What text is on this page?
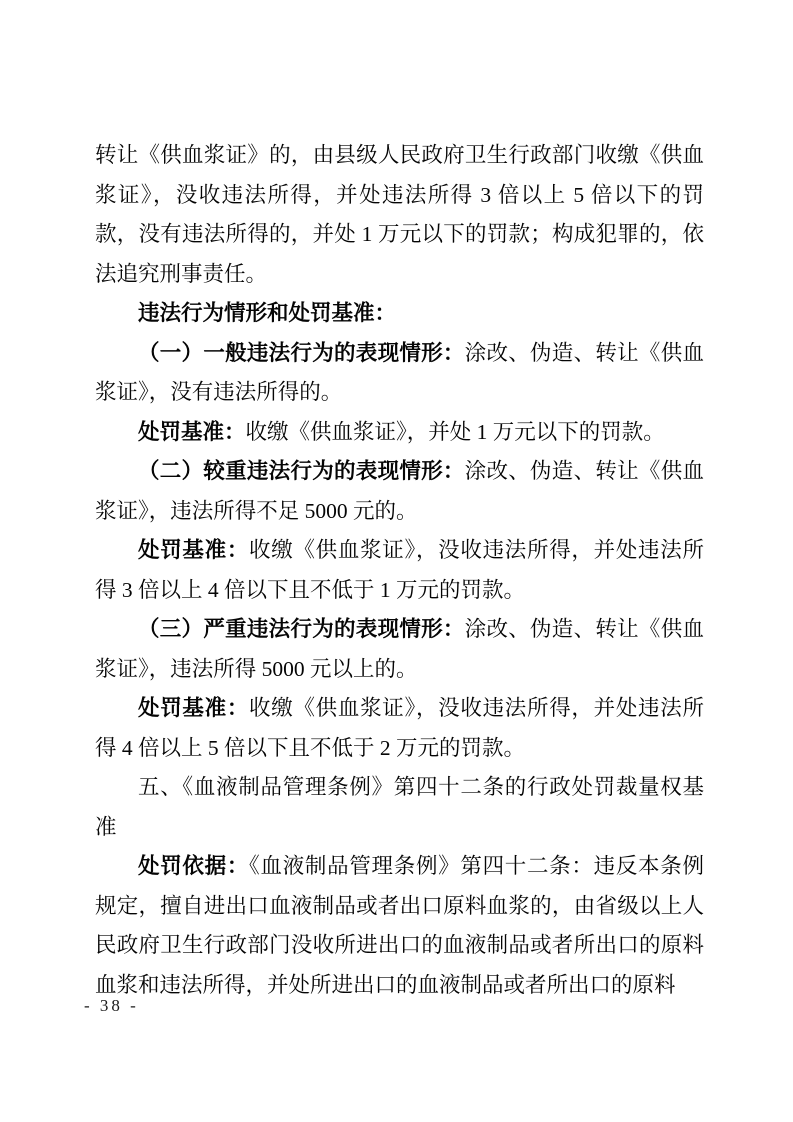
转让《供血浆证》的，由县级人民政府卫生行政部门收缴《供血浆证》，没收违法所得，并处违法所得 3 倍以上 5 倍以下的罚款，没有违法所得的，并处 1 万元以下的罚款；构成犯罪的，依法追究刑事责任。

违法行为情形和处罚基准：

（一）一般违法行为的表现情形：涂改、伪造、转让《供血浆证》，没有违法所得的。

处罚基准：收缴《供血浆证》，并处 1 万元以下的罚款。

（二）较重违法行为的表现情形：涂改、伪造、转让《供血浆证》，违法所得不足 5000 元的。

处罚基准：收缴《供血浆证》，没收违法所得，并处违法所得 3 倍以上 4 倍以下且不低于 1 万元的罚款。

（三）严重违法行为的表现情形：涂改、伪造、转让《供血浆证》，违法所得 5000 元以上的。

处罚基准：收缴《供血浆证》，没收违法所得，并处违法所得 4 倍以上 5 倍以下且不低于 2 万元的罚款。

五、《血液制品管理条例》第四十二条的行政处罚裁量权基准

处罚依据：《血液制品管理条例》第四十二条：违反本条例规定，擅自进出口血液制品或者出口原料血浆的，由省级以上人民政府卫生行政部门没收所进出口的血液制品或者所出口的原料血浆和违法所得，并处所进出口的血液制品或者所出口的原料

- 38 -
